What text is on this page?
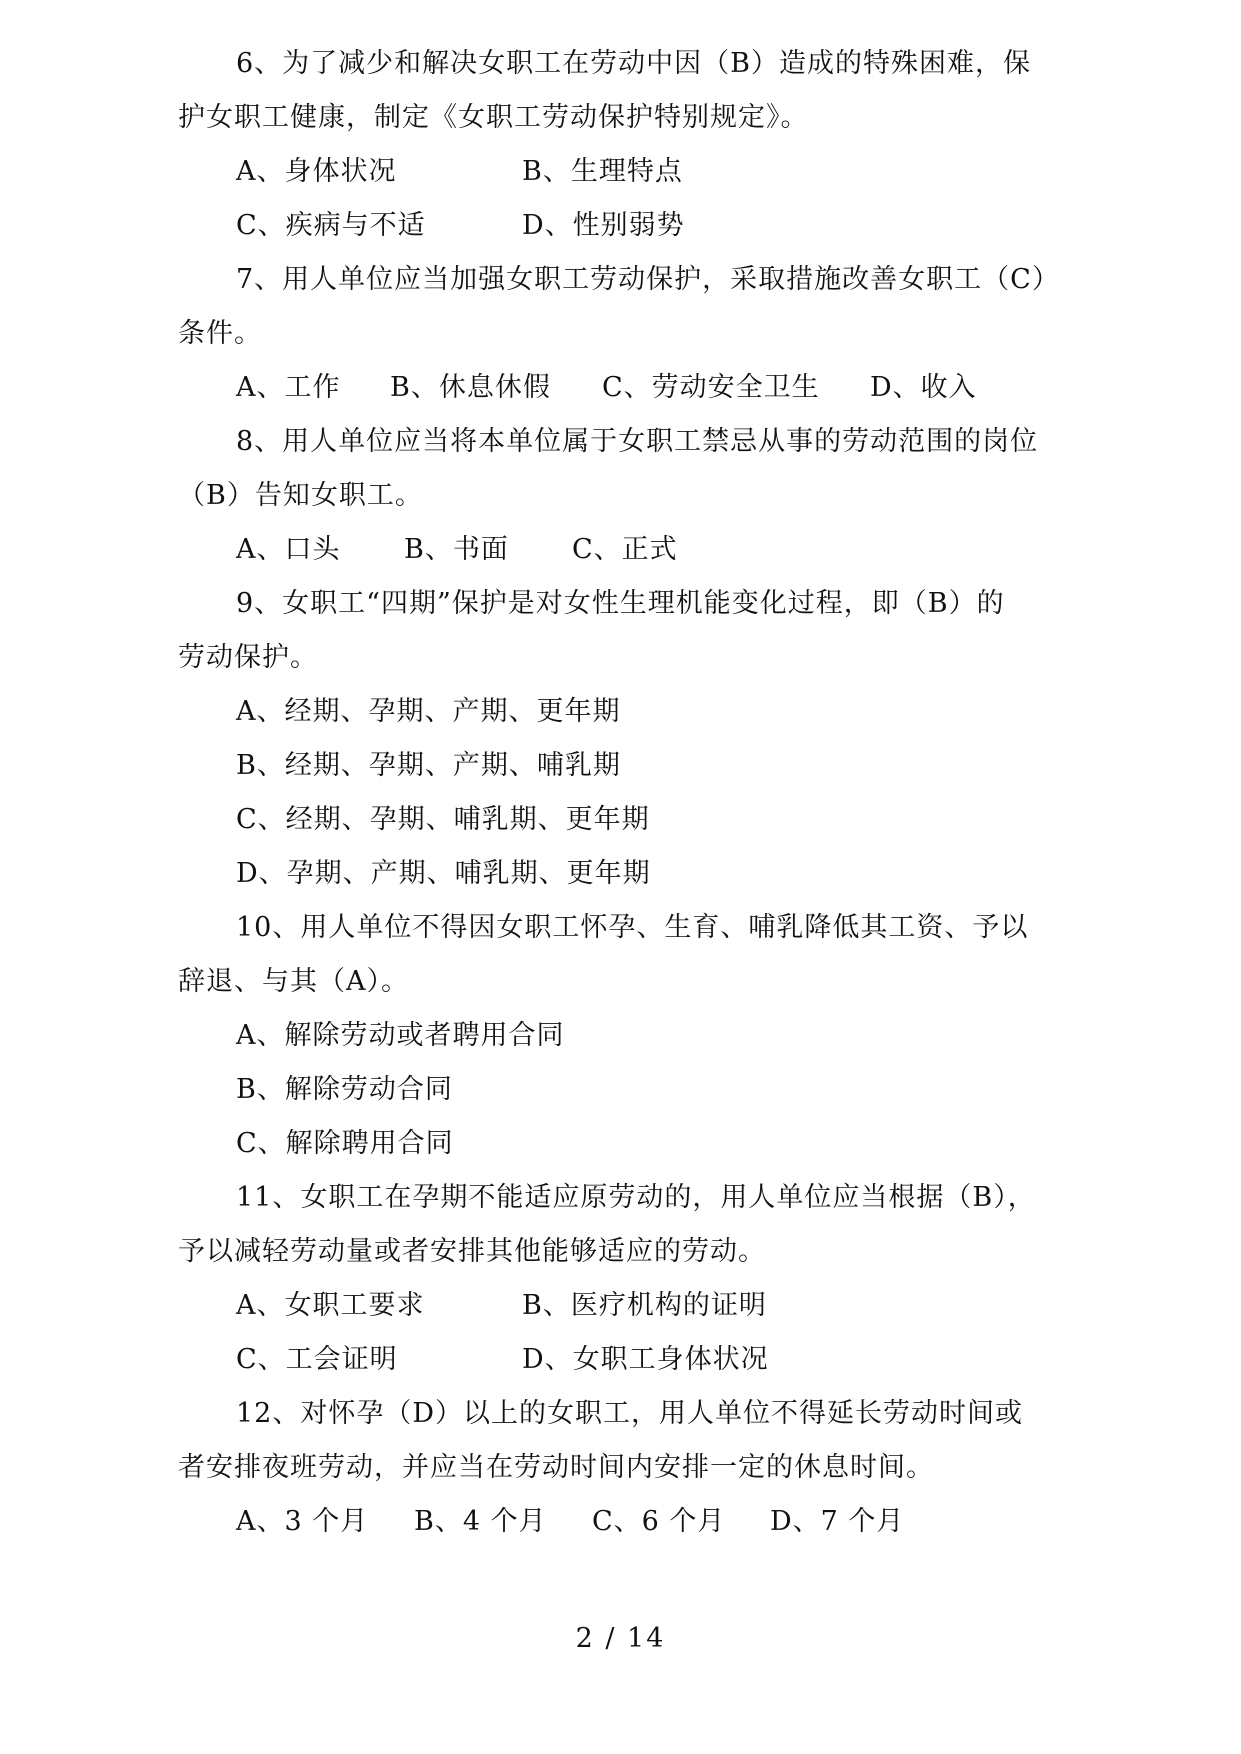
6、为了减少和解决女职工在劳动中因（B）造成的特殊困难，保
护女职工健康，制定《女职工劳动保护特别规定》。
A、身体状况	B、生理特点
C、疾病与不适	D、性别弱势
7、用人单位应当加强女职工劳动保护，采取措施改善女职工（C）
条件。
A、工作 B、休息休假 C、劳动安全卫生 D、收入
8、用人单位应当将本单位属于女职工禁忌从事的劳动范围的岗位
（B）告知女职工。
A、口头 B、书面 C、正式
9、女职工“四期”保护是对女性生理机能变化过程，即（B）的
劳动保护。
A、经期、孕期、产期、更年期
B、经期、孕期、产期、哺乳期
C、经期、孕期、哺乳期、更年期
D、孕期、产期、哺乳期、更年期
10、用人单位不得因女职工怀孕、生育、哺乳降低其工资、予以
辞退、与其（A）。
A、解除劳动或者聘用合同
B、解除劳动合同
C、解除聘用合同
11、女职工在孕期不能适应原劳动的，用人单位应当根据（B），
予以减轻劳动量或者安排其他能够适应的劳动。
A、女职工要求	B、医疗机构的证明
C、工会证明	D、女职工身体状况
12、对怀孕（D）以上的女职工，用人单位不得延长劳动时间或
者安排夜班劳动，并应当在劳动时间内安排一定的休息时间。
A、3 个月 B、4 个月 C、6 个月 D、7 个月
2 / 14
